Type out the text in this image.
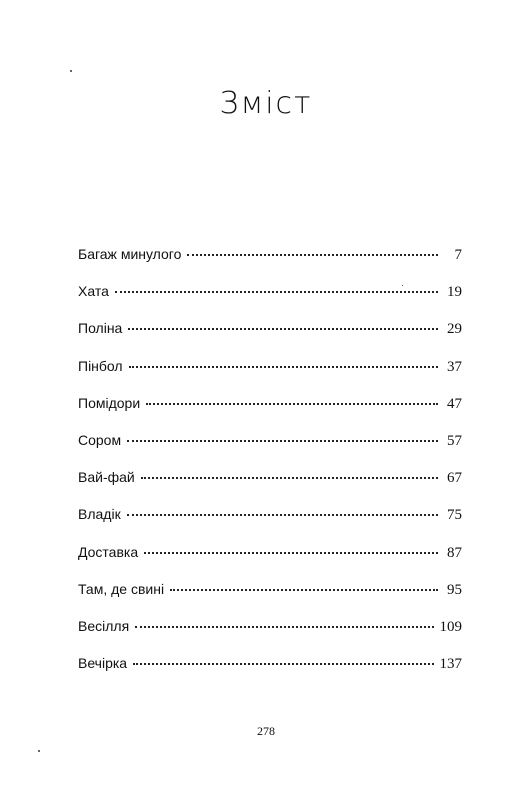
Зміст
Багаж минулого	7
Хата	19
Поліна	29
Пінбол	37
Помідори	47
Сором	57
Вай-фай	67
Владік	75
Доставка	87
Там, де свині	95
Весілля	109
Вечірка	137

278
